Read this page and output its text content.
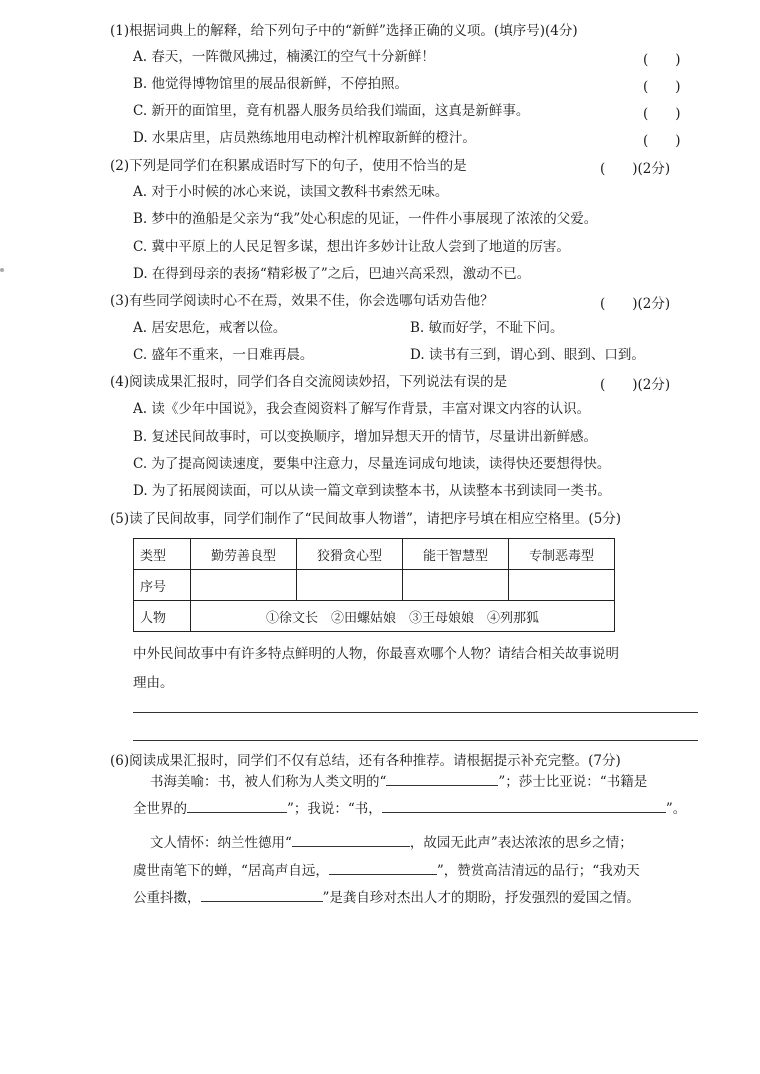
(1)根据词典上的解释，给下列句子中的“新鲜”选择正确的义项。(填序号)(4分)
A. 春天，一阵微风拂过，楠溪江的空气十分新鲜！	(　　)
B. 他觉得博物馆里的展品很新鲜，不停拍照。	(　　)
C. 新开的面馆里，竟有机器人服务员给我们端面，这真是新鲜事。	(　　)
D. 水果店里，店员熟练地用电动榨汁机榨取新鲜的橙汁。	(　　)
(2)下列是同学们在积累成语时写下的句子，使用不恰当的是	(　　)(2分)
A. 对于小时候的冰心来说，读国文教科书索然无味。
B. 梦中的渔船是父亲为“我”处心积虑的见证，一件件小事展现了浓浓的父爱。
C. 冀中平原上的人民足智多谋，想出许多妙计让敌人尝到了地道的厉害。
D. 在得到母亲的表扬“精彩极了”之后，巴迪兴高采烈，激动不已。
(3)有些同学阅读时心不在焉，效果不佳，你会选哪句话劝告他？	(　　)(2分)
A. 居安思危，戒奢以俭。	B. 敏而好学，不耻下问。
C. 盛年不重来，一日难再晨。	D. 读书有三到，谓心到、眼到、口到。
(4)阅读成果汇报时，同学们各自交流阅读妙招，下列说法有误的是	(　　)(2分)
A. 读《少年中国说》，我会查阅资料了解写作背景，丰富对课文内容的认识。
B. 复述民间故事时，可以变换顺序，增加异想天开的情节，尽量讲出新鲜感。
C. 为了提高阅读速度，要集中注意力，尽量连词成句地读，读得快还要想得快。
D. 为了拓展阅读面，可以从读一篇文章到读整本书，从读整本书到读同一类书。
(5)读了民间故事，同学们制作了“民间故事人物谱”，请把序号填在相应空格里。(5分)
类型	勤劳善良型	狡猾贪心型	能干智慧型	专制恶毒型
序号				
人物	①徐文长　②田螺姑娘　③王母娘娘　④列那狐			
中外民间故事中有许多特点鲜明的人物，你最喜欢哪个人物？请结合相关故事说明
理由。
(6)阅读成果汇报时，同学们不仅有总结，还有各种推荐。请根据提示补充完整。(7分)
书海美喻：书，被人们称为人类文明的“	”；莎士比亚说：“书籍是
全世界的	”；我说：“书，	”。
文人情怀：纳兰性德用“	，故园无此声”表达浓浓的思乡之情；
虞世南笔下的蝉，“居高声自远，	”，赞赏高洁清远的品行；“我劝天
公重抖擞，	”是龚自珍对杰出人才的期盼，抒发强烈的爱国之情。
